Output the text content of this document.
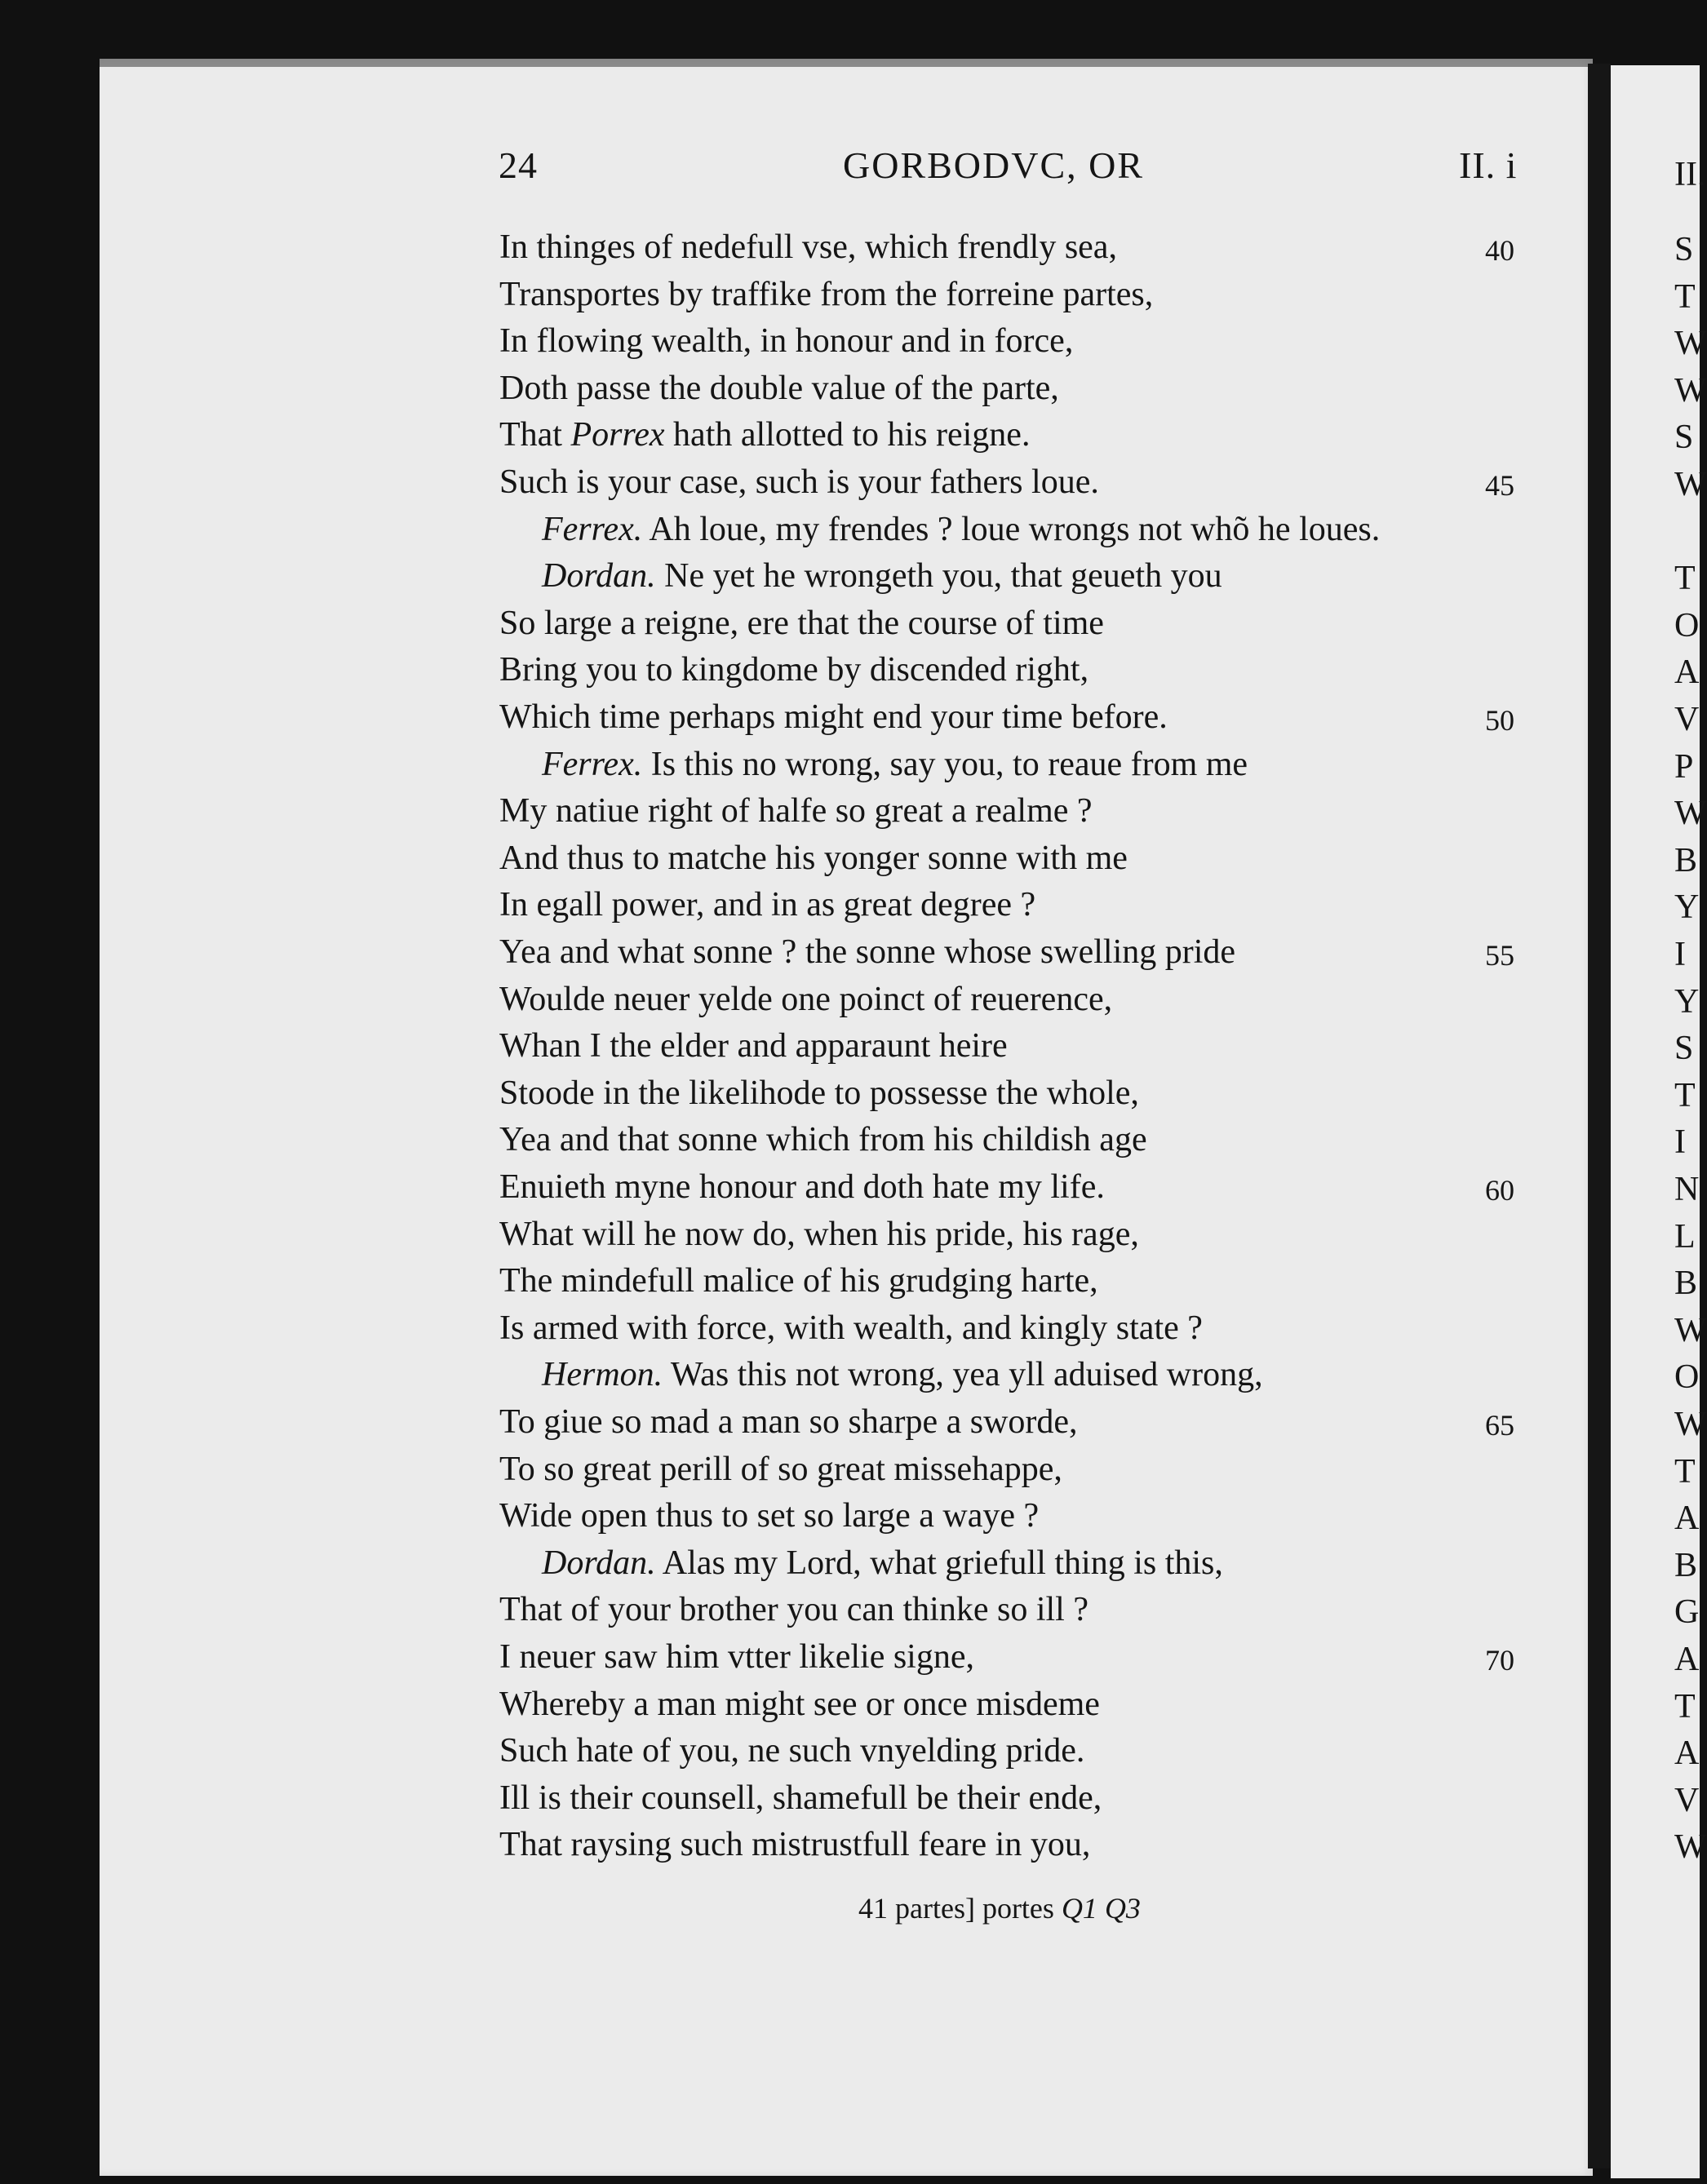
24	GORBODVC, OR	II. i
In thinges of nedefull vse, which frendly sea,	40
Transportes by traffike from the forreine partes,
In flowing wealth, in honour and in force,
Doth passe the double value of the parte,
That Porrex hath allotted to his reigne.
Such is your case, such is your fathers loue.	45
Ferrex. Ah loue, my frendes ? loue wrongs not whõ he loues.
Dordan. Ne yet he wrongeth you, that geueth you
So large a reigne, ere that the course of time
Bring you to kingdome by discended right,
Which time perhaps might end your time before.	50
Ferrex. Is this no wrong, say you, to reaue from me
My natiue right of halfe so great a realme ?
And thus to matche his yonger sonne with me
In egall power, and in as great degree ?
Yea and what sonne ? the sonne whose swelling pride	55
Woulde neuer yelde one poinct of reuerence,
Whan I the elder and apparaunt heire
Stoode in the likelihode to possesse the whole,
Yea and that sonne which from his childish age
Enuieth myne honour and doth hate my life.	60
What will he now do, when his pride, his rage,
The mindefull malice of his grudging harte,
Is armed with force, with wealth, and kingly state ?
Hermon. Was this not wrong, yea yll aduised wrong,
To giue so mad a man so sharpe a sworde,	65
To so great perill of so great missehappe,
Wide open thus to set so large a waye ?
Dordan. Alas my Lord, what griefull thing is this,
That of your brother you can thinke so ill ?
I neuer saw him vtter likelie signe,	70
Whereby a man might see or once misdeme
Such hate of you, ne such vnyelding pride.
Ill is their counsell, shamefull be their ende,
That raysing such mistrustfull feare in you,
41 partes] portes Q1 Q3
II.
S
T
W
W
S
W
T
O
A
V
P
W
B
Y
I
Y
S
T
I
N
L
B
W
O
W
T
A
B
G
A
T
A
V
W
